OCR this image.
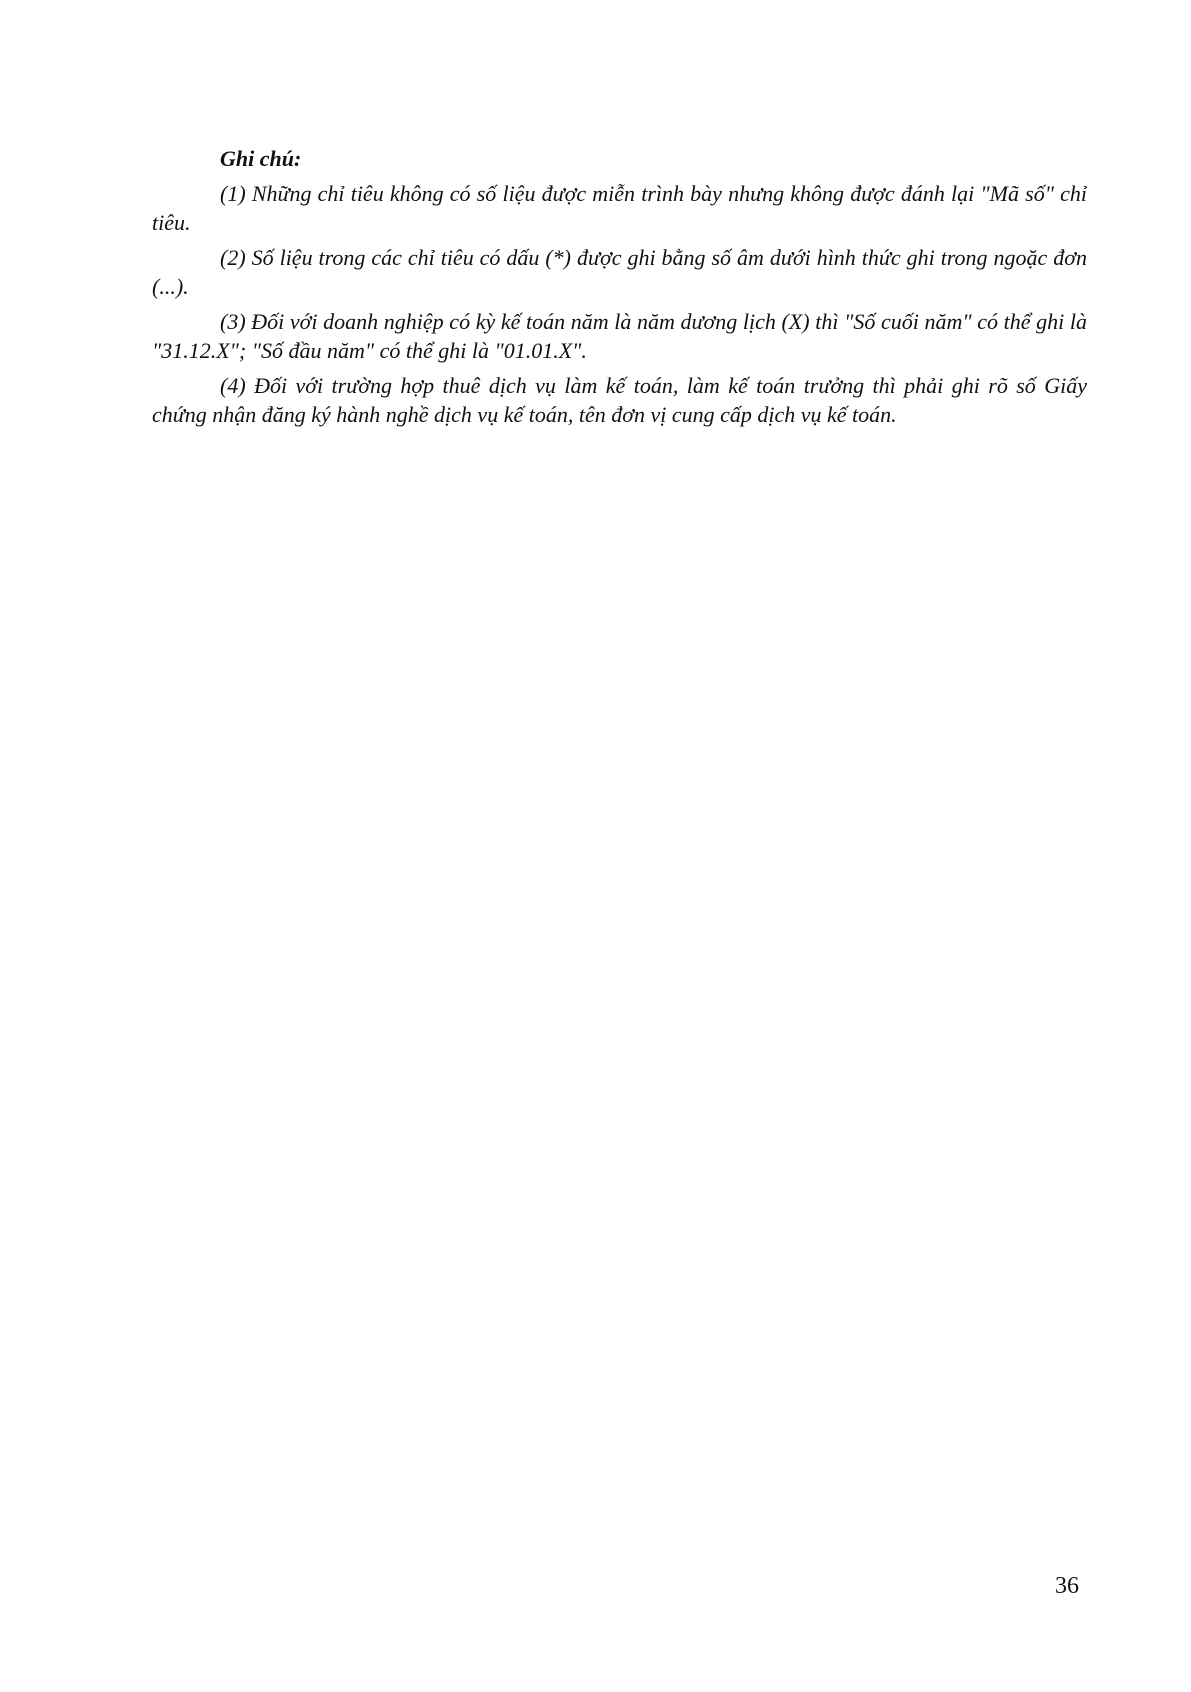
Ghi chú:

(1) Những chỉ tiêu không có số liệu được miễn trình bày nhưng không được đánh lại "Mã số" chỉ tiêu.

(2) Số liệu trong các chỉ tiêu có dấu (*) được ghi bằng số âm dưới hình thức ghi trong ngoặc đơn (...).

(3) Đối với doanh nghiệp có kỳ kế toán năm là năm dương lịch (X) thì "Số cuối năm" có thể ghi là "31.12.X"; "Số đầu năm" có thể ghi là "01.01.X".

(4) Đối với trường hợp thuê dịch vụ làm kế toán, làm kế toán trưởng thì phải ghi rõ số Giấy chứng nhận đăng ký hành nghề dịch vụ kế toán, tên đơn vị cung cấp dịch vụ kế toán.

36
